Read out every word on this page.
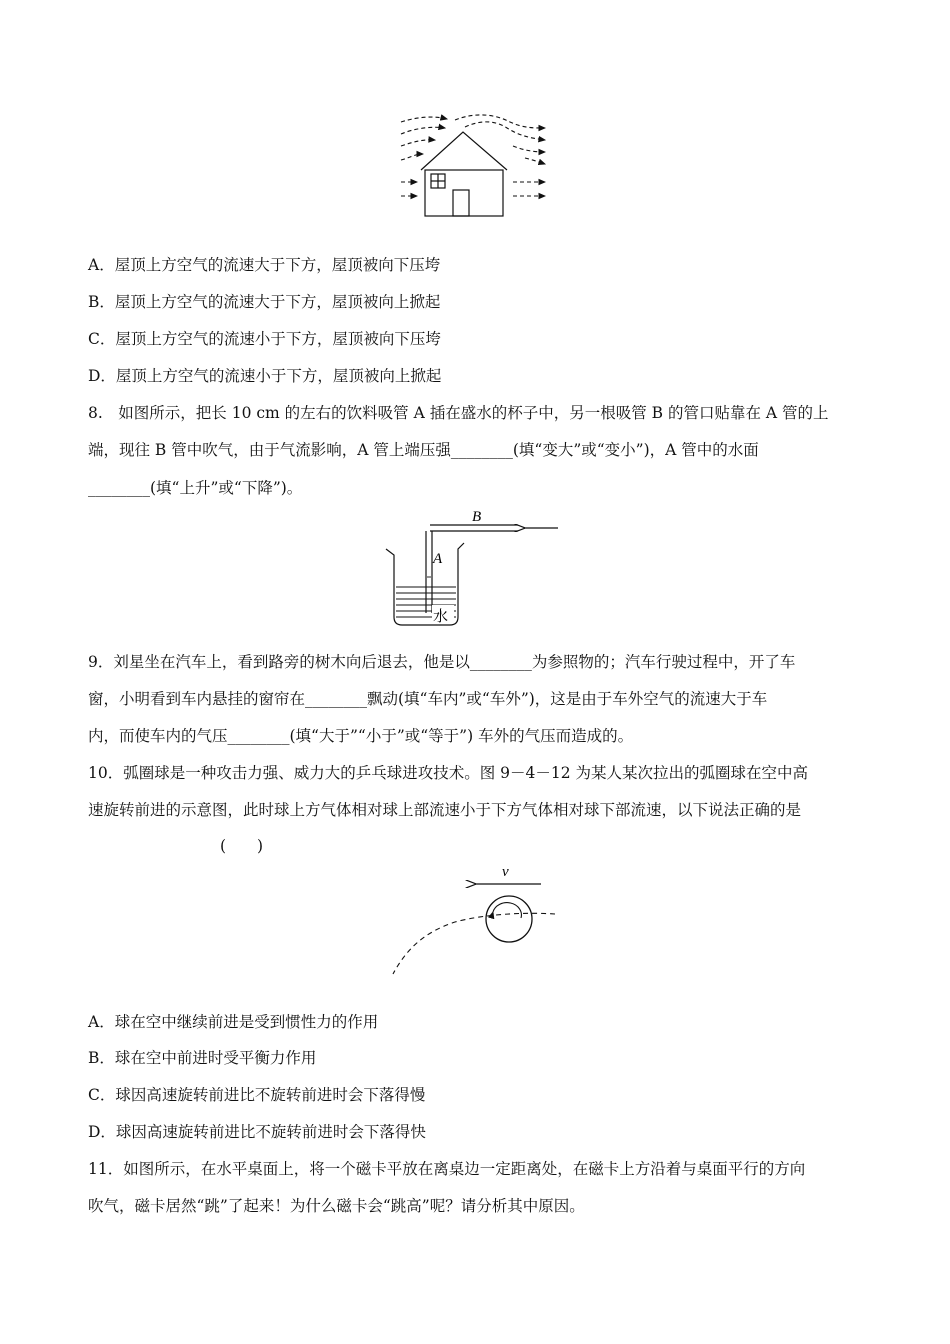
A．屋顶上方空气的流速大于下方，屋顶被向下压垮
B．屋顶上方空气的流速大于下方，屋顶被向上掀起
C．屋顶上方空气的流速小于下方，屋顶被向下压垮
D．屋顶上方空气的流速小于下方，屋顶被向上掀起
8.　如图所示，把长 10 cm 的左右的饮料吸管 A 插在盛水的杯子中，另一根吸管 B 的管口贴靠在 A 管的上
端，现往 B 管中吹气，由于气流影响，A 管上端压强________(填“变大”或“变小”)，A 管中的水面
________(填“上升”或“下降”)。
B
A
水
9．刘星坐在汽车上，看到路旁的树木向后退去，他是以________为参照物的；汽车行驶过程中，开了车
窗，小明看到车内悬挂的窗帘在________飘动(填“车内”或“车外”)，这是由于车外空气的流速大于车
内，而使车内的气压________(填“大于”“小于”或“等于”) 车外的气压而造成的。
10．弧圈球是一种攻击力强、威力大的乒乓球进攻技术。图 9－4－12 为某人某次拉出的弧圈球在空中高
速旋转前进的示意图，此时球上方气体相对球上部流速小于下方气体相对球下部流速，以下说法正确的是
(　　)
v
A．球在空中继续前进是受到惯性力的作用
B．球在空中前进时受平衡力作用
C．球因高速旋转前进比不旋转前进时会下落得慢
D．球因高速旋转前进比不旋转前进时会下落得快
11．如图所示，在水平桌面上，将一个磁卡平放在离桌边一定距离处，在磁卡上方沿着与桌面平行的方向
吹气，磁卡居然“跳”了起来！为什么磁卡会“跳高”呢？请分析其中原因。
